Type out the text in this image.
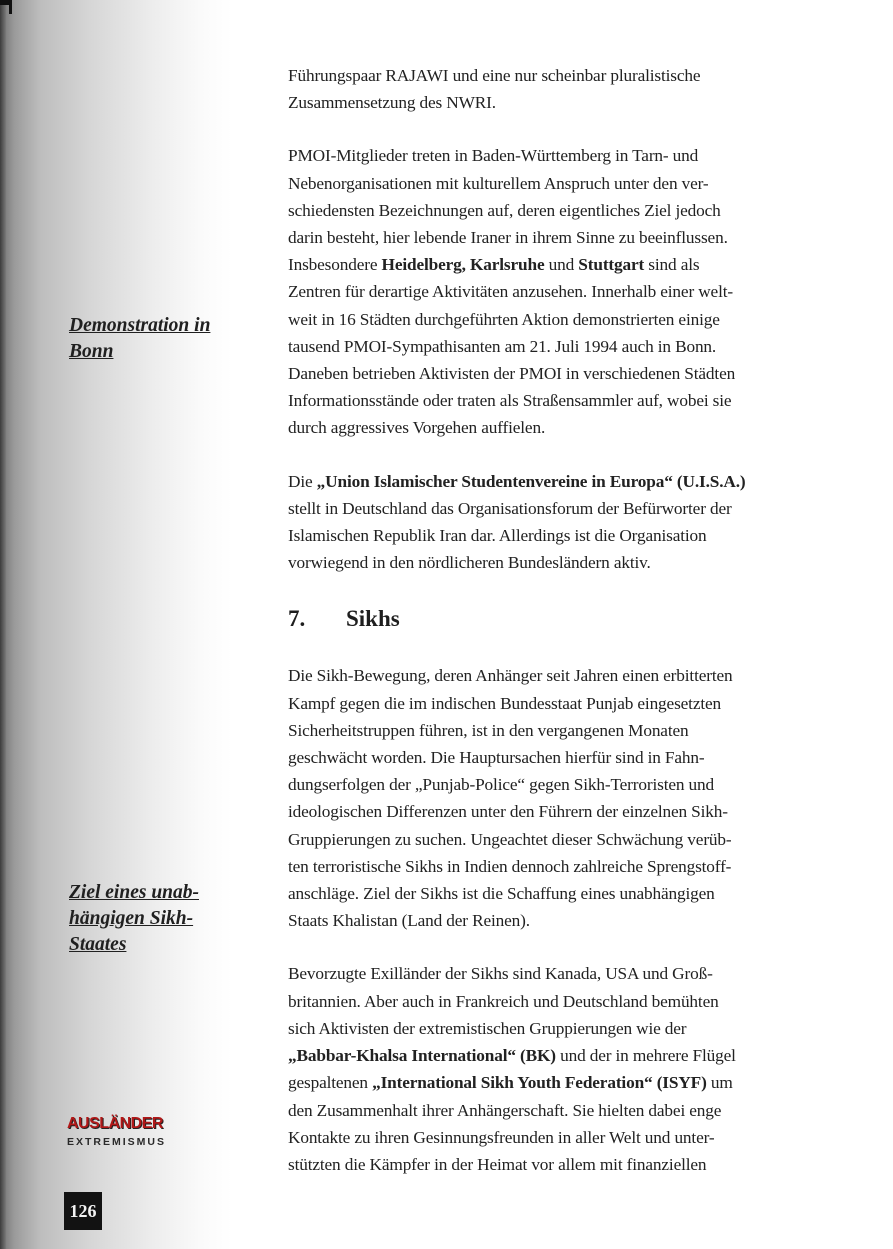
Demonstration in
Bonn
Ziel eines unab-
hängigen Sikh-
Staates
AUSLÄNDER
EXTREMISMUS
126

Führungspaar RAJAWI und eine nur scheinbar pluralistische
Zusammensetzung des NWRI.

PMOI-Mitglieder treten in Baden-Württemberg in Tarn- und
Nebenorganisationen mit kulturellem Anspruch unter den ver-
schiedensten Bezeichnungen auf, deren eigentliches Ziel jedoch
darin besteht, hier lebende Iraner in ihrem Sinne zu beeinflussen.
Insbesondere Heidelberg, Karlsruhe und Stuttgart sind als
Zentren für derartige Aktivitäten anzusehen. Innerhalb einer welt-
weit in 16 Städten durchgeführten Aktion demonstrierten einige
tausend PMOI-Sympathisanten am 21. Juli 1994 auch in Bonn.
Daneben betrieben Aktivisten der PMOI in verschiedenen Städten
Informationsstände oder traten als Straßensammler auf, wobei sie
durch aggressives Vorgehen auffielen.

Die „Union Islamischer Studentenvereine in Europa“ (U.I.S.A.)
stellt in Deutschland das Organisationsforum der Befürworter der
Islamischen Republik Iran dar. Allerdings ist die Organisation
vorwiegend in den nördlicheren Bundesländern aktiv.

7.	Sikhs

Die Sikh-Bewegung, deren Anhänger seit Jahren einen erbitterten
Kampf gegen die im indischen Bundesstaat Punjab eingesetzten
Sicherheitstruppen führen, ist in den vergangenen Monaten
geschwächt worden. Die Hauptursachen hierfür sind in Fahn-
dungserfolgen der „Punjab-Police“ gegen Sikh-Terroristen und
ideologischen Differenzen unter den Führern der einzelnen Sikh-
Gruppierungen zu suchen. Ungeachtet dieser Schwächung verüb-
ten terroristische Sikhs in Indien dennoch zahlreiche Sprengstoff-
anschläge. Ziel der Sikhs ist die Schaffung eines unabhängigen
Staats Khalistan (Land der Reinen).

Bevorzugte Exilländer der Sikhs sind Kanada, USA und Groß-
britannien. Aber auch in Frankreich und Deutschland bemühten
sich Aktivisten der extremistischen Gruppierungen wie der
„Babbar-Khalsa International“ (BK) und der in mehrere Flügel
gespaltenen „International Sikh Youth Federation“ (ISYF) um
den Zusammenhalt ihrer Anhängerschaft. Sie hielten dabei enge
Kontakte zu ihren Gesinnungsfreunden in aller Welt und unter-
stützten die Kämpfer in der Heimat vor allem mit finanziellen
